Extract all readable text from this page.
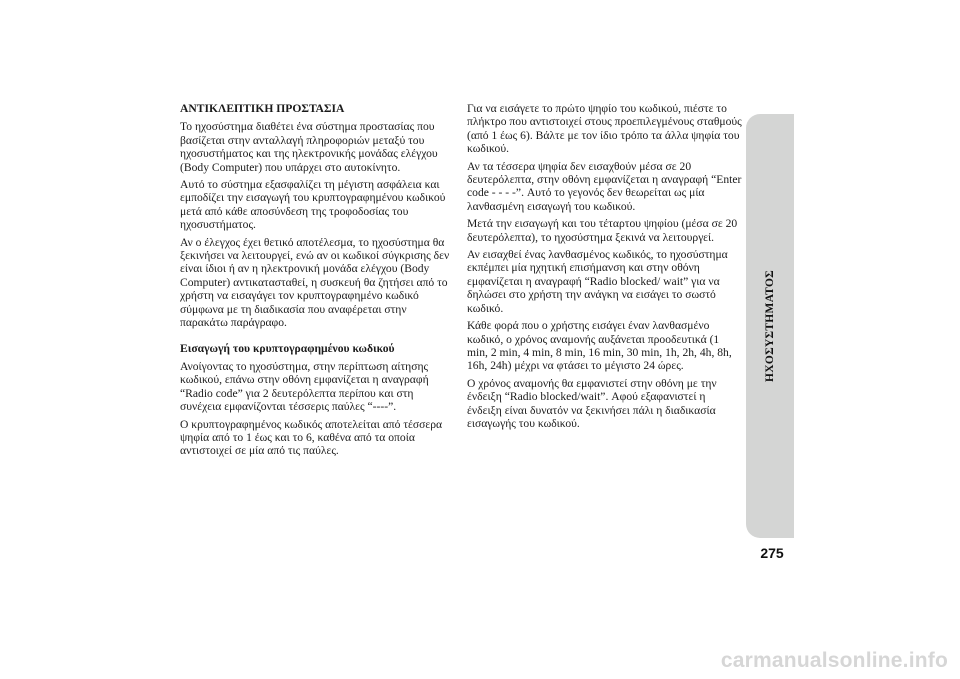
ΑΝΤΙΚΛΕΠΤΙΚΗ ΠΡΟΣΤΑΣΙΑ

Το ηχοσύστημα διαθέτει ένα σύστημα προστασίας που βασίζεται στην ανταλλαγή πληροφοριών μεταξύ του ηχοσυστήματος και της ηλεκτρονικής μονάδας ελέγχου (Body Computer) που υπάρχει στο αυτοκίνητο.

Αυτό το σύστημα εξασφαλίζει τη μέγιστη ασφάλεια και εμποδίζει την εισαγωγή του κρυπτογραφημένου κωδικού μετά από κάθε αποσύνδεση της τροφοδοσίας του ηχοσυστήματος.

Αν ο έλεγχος έχει θετικό αποτέλεσμα, το ηχοσύστημα θα ξεκινήσει να λειτουργεί, ενώ αν οι κωδικοί σύγκρισης δεν είναι ίδιοι ή αν η ηλεκτρονική μονάδα ελέγχου (Body Computer) αντικατασταθεί, η συσκευή θα ζητήσει από το χρήστη να εισαγάγει τον κρυπτογραφημένο κωδικό σύμφωνα με τη διαδικασία που αναφέρεται στην παρακάτω παράγραφο.

Εισαγωγή του κρυπτογραφημένου κωδικού

Ανοίγοντας το ηχοσύστημα, στην περίπτωση αίτησης κωδικού, επάνω στην οθόνη εμφανίζεται η αναγραφή “Radio code” για 2 δευτερόλεπτα περίπου και στη συνέχεια εμφανίζονται τέσσερις παύλες “----”.

Ο κρυπτογραφημένος κωδικός αποτελείται από τέσσερα ψηφία από το 1 έως και το 6, καθένα από τα οποία αντιστοιχεί σε μία από τις παύλες.

Για να εισάγετε το πρώτο ψηφίο του κωδικού, πιέστε το πλήκτρο που αντιστοιχεί στους προεπιλεγμένους σταθμούς (από 1 έως 6). Βάλτε με τον ίδιο τρόπο τα άλλα ψηφία του κωδικού.

Αν τα τέσσερα ψηφία δεν εισαχθούν μέσα σε 20 δευτερόλεπτα, στην οθόνη εμφανίζεται η αναγραφή “Enter code - - - -”. Αυτό το γεγονός δεν θεωρείται ως μία λανθασμένη εισαγωγή του κωδικού.

Μετά την εισαγωγή και του τέταρτου ψηφίου (μέσα σε 20 δευτερόλεπτα), το ηχοσύστημα ξεκινά να λειτουργεί.

Αν εισαχθεί ένας λανθασμένος κωδικός, το ηχοσύστημα εκπέμπει μία ηχητική επισήμανση και στην οθόνη εμφανίζεται η αναγραφή “Radio blocked/ wait” για να δηλώσει στο χρήστη την ανάγκη να εισάγει το σωστό κωδικό.

Κάθε φορά που ο χρήστης εισάγει έναν λανθασμένο κωδικό, ο χρόνος αναμονής αυξάνεται προοδευτικά (1 min, 2 min, 4 min, 8 min, 16 min, 30 min, 1h, 2h, 4h, 8h, 16h, 24h) μέχρι να φτάσει το μέγιστο 24 ώρες.

Ο χρόνος αναμονής θα εμφανιστεί στην οθόνη με την ένδειξη “Radio blocked/wait”. Αφού εξαφανιστεί η ένδειξη είναι δυνατόν να ξεκινήσει πάλι η διαδικασία εισαγωγής του κωδικού.

ΗΧΟΣΥΣΤΗΜΑΤΟΣ
275
carmanualsonline.info
